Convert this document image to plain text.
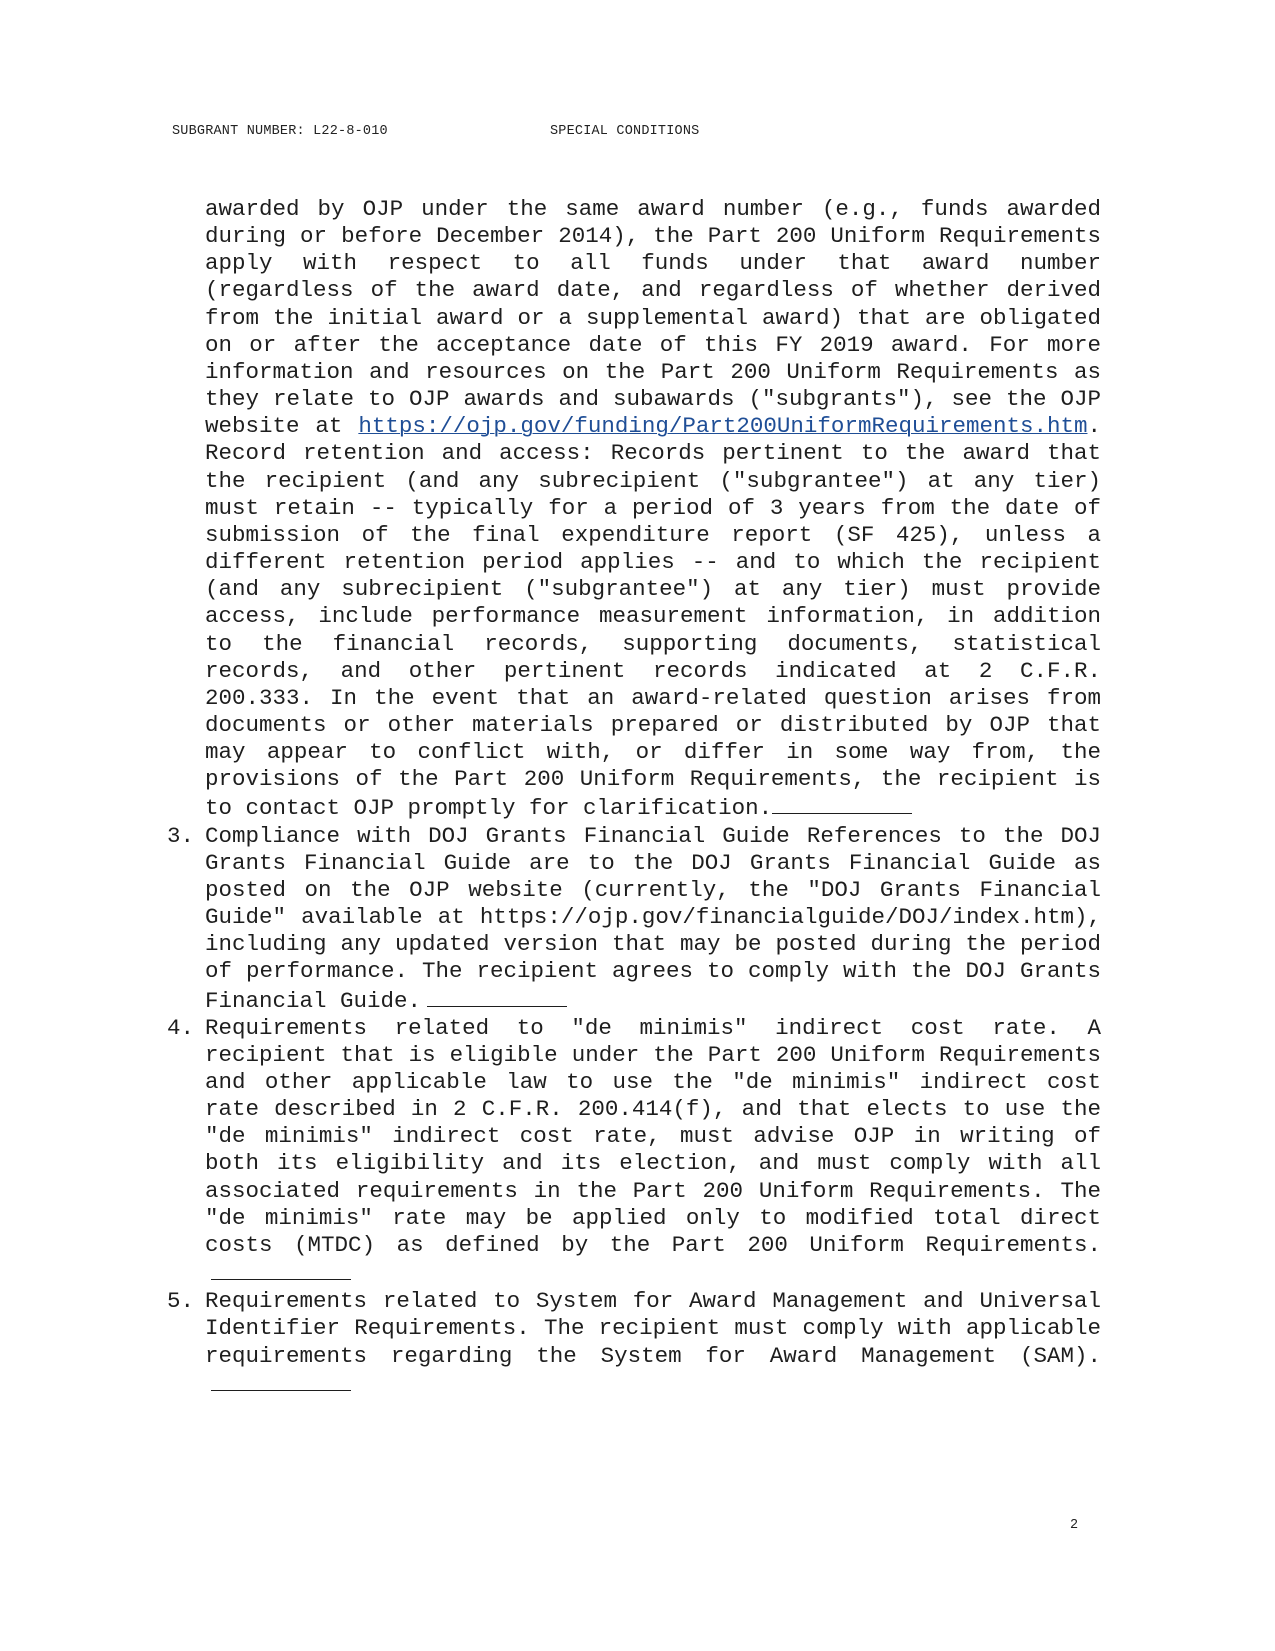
SUBGRANT NUMBER: L22-8-010	SPECIAL CONDITIONS

awarded by OJP under the same award number (e.g., funds awarded during or before December 2014), the Part 200 Uniform Requirements apply with respect to all funds under that award number (regardless of the award date, and regardless of whether derived from the initial award or a supplemental award) that are obligated on or after the acceptance date of this FY 2019 award. For more information and resources on the Part 200 Uniform Requirements as they relate to OJP awards and subawards ("subgrants"), see the OJP website at https://ojp.gov/funding/Part200UniformRequirements.htm. Record retention and access: Records pertinent to the award that the recipient (and any subrecipient ("subgrantee") at any tier) must retain -- typically for a period of 3 years from the date of submission of the final expenditure report (SF 425), unless a different retention period applies -- and to which the recipient (and any subrecipient ("subgrantee") at any tier) must provide access, include performance measurement information, in addition to the financial records, supporting documents, statistical records, and other pertinent records indicated at 2 C.F.R. 200.333. In the event that an award-related question arises from documents or other materials prepared or distributed by OJP that may appear to conflict with, or differ in some way from, the provisions of the Part 200 Uniform Requirements, the recipient is to contact OJP promptly for clarification.

3. Compliance with DOJ Grants Financial Guide References to the DOJ Grants Financial Guide are to the DOJ Grants Financial Guide as posted on the OJP website (currently, the "DOJ Grants Financial Guide" available at https://ojp.gov/financialguide/DOJ/index.htm), including any updated version that may be posted during the period of performance. The recipient agrees to comply with the DOJ Grants Financial Guide.
4. Requirements related to "de minimis" indirect cost rate. A recipient that is eligible under the Part 200 Uniform Requirements and other applicable law to use the "de minimis" indirect cost rate described in 2 C.F.R. 200.414(f), and that elects to use the "de minimis" indirect cost rate, must advise OJP in writing of both its eligibility and its election, and must comply with all associated requirements in the Part 200 Uniform Requirements. The "de minimis" rate may be applied only to modified total direct costs (MTDC) as defined by the Part 200 Uniform Requirements.
5. Requirements related to System for Award Management and Universal Identifier Requirements. The recipient must comply with applicable requirements regarding the System for Award Management (SAM).
2
